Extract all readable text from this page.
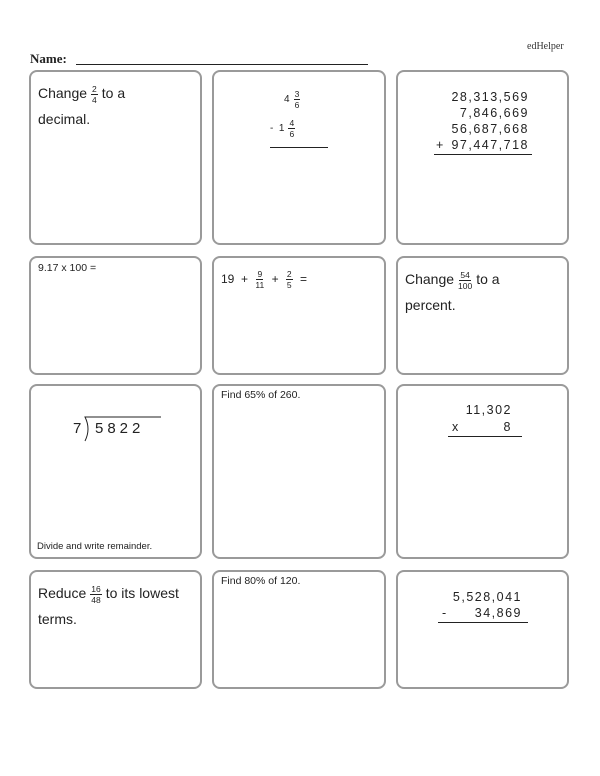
edHelper
Name:
Change $\frac{2}{4}$ to a
decimal.
$4 \frac{3}{6}$
- $1 \frac{4}{6}$
28,313,569
7,846,669
56,687,668
+ 97,447,718
9.17 x 100 =
$19 + \frac{9}{11} + \frac{2}{5}$ =	Change $\frac{54}{100}$ to a
percent.
7 5822
Divide and write remainder.
Find 65% of 260.
11,302
x	8
Reduce $\frac{16}{48}$ to its lowest
terms.
Find 80% of 120.
5,528,041
- 34,869
